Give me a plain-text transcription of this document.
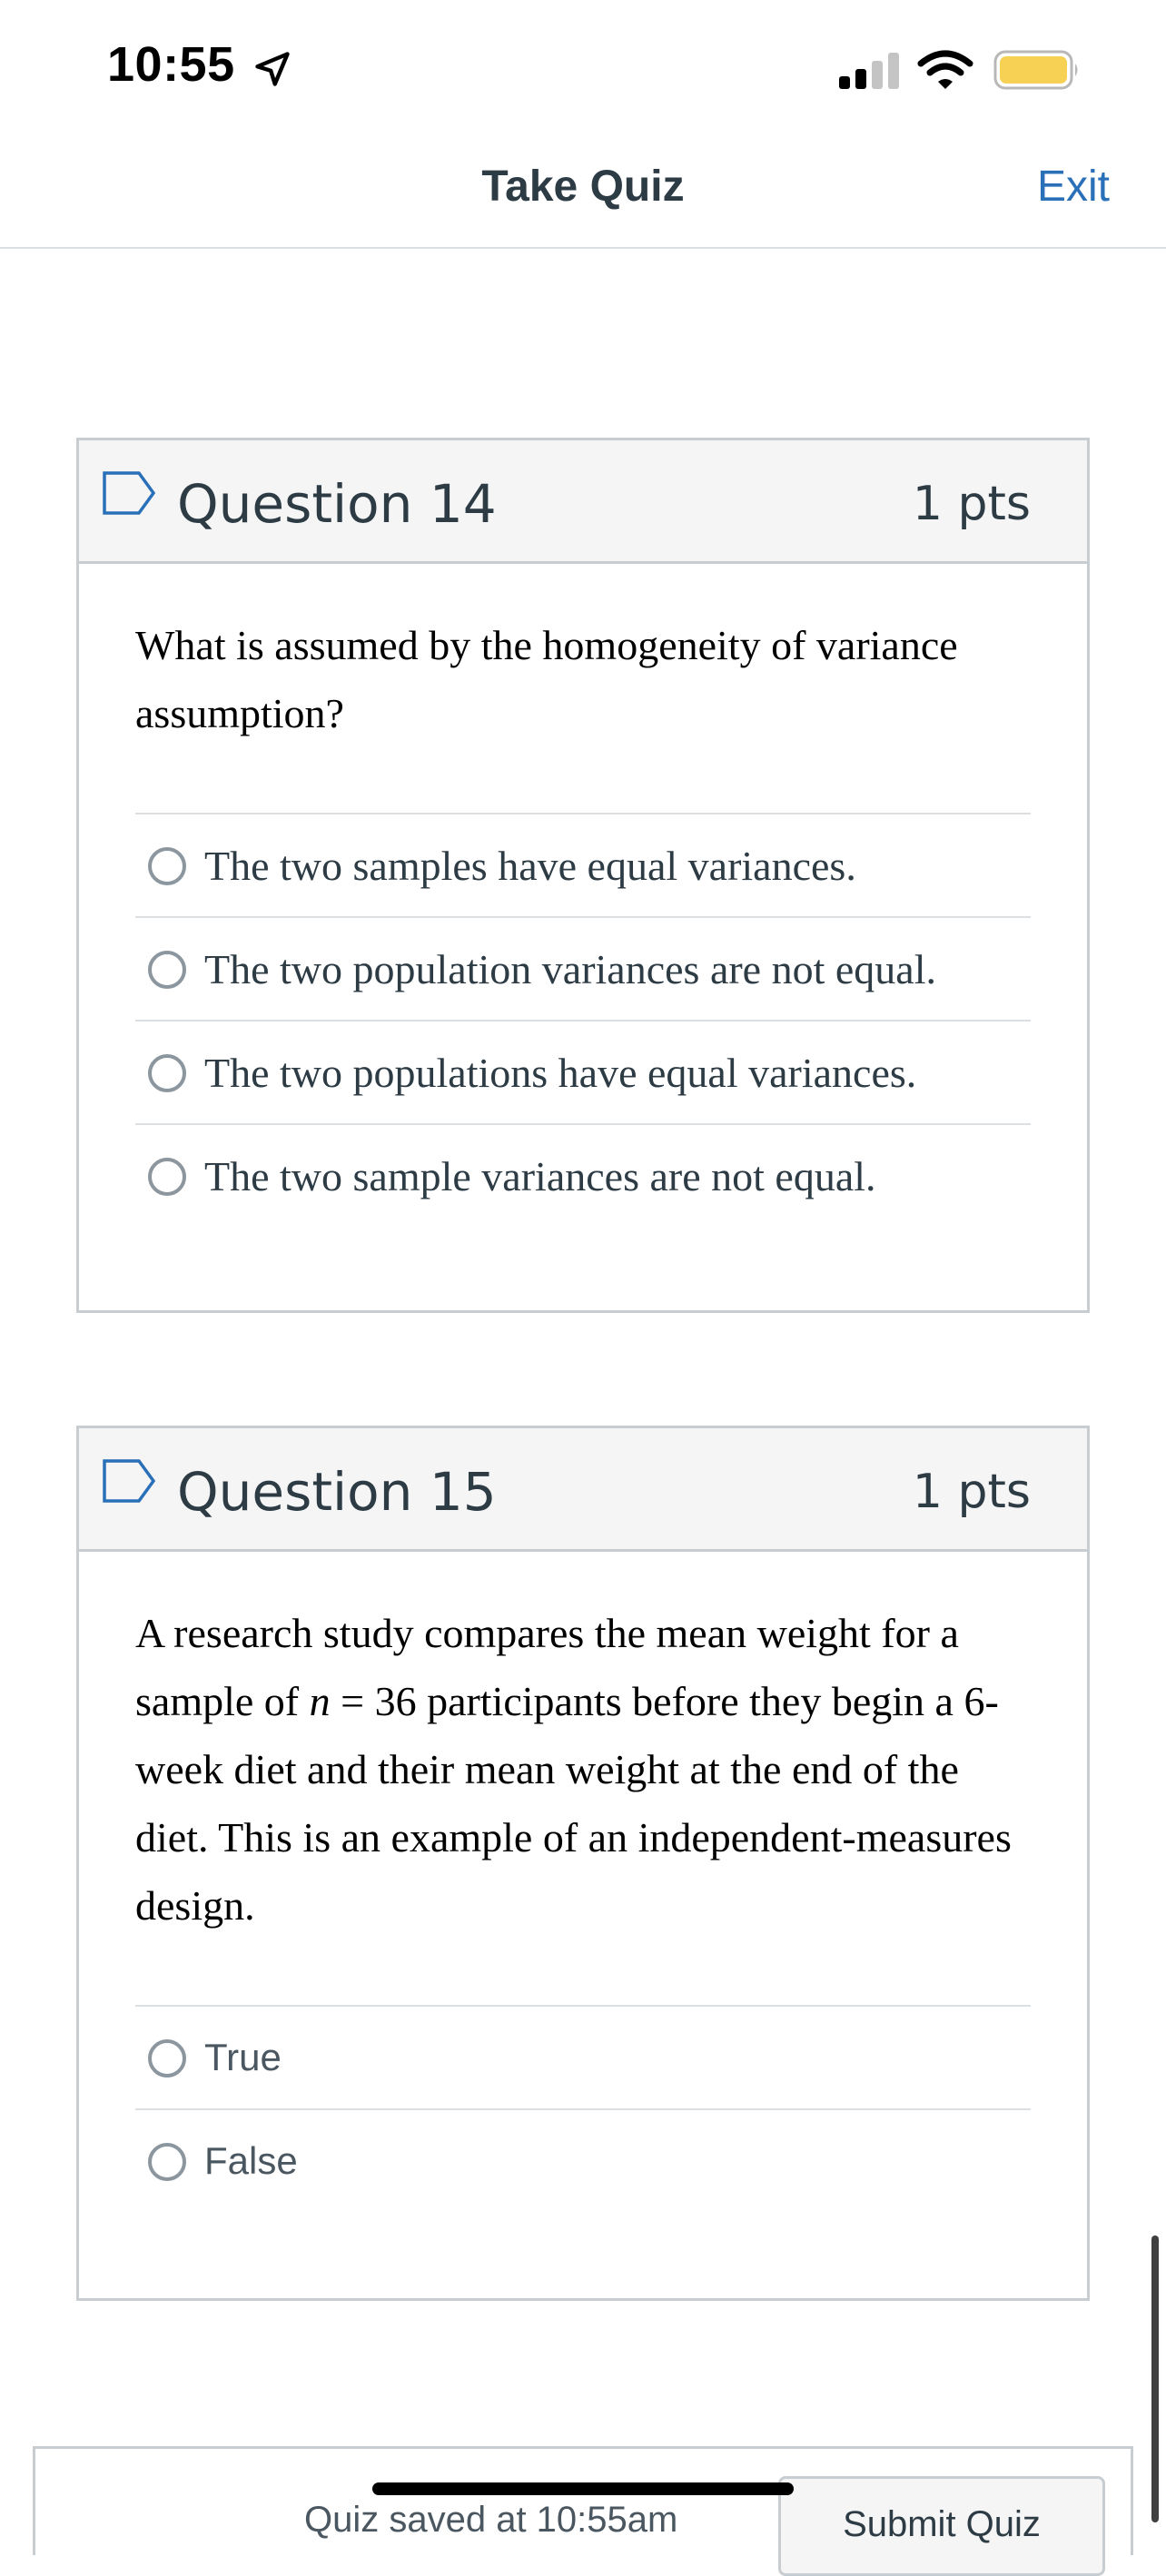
10:55
Take Quiz	Exit
Question 14	1 pts
What is assumed by the homogeneity of variance assumption?
The two samples have equal variances.
The two population variances are not equal.
The two populations have equal variances.
The two sample variances are not equal.
Question 15	1 pts
A research study compares the mean weight for a sample of n = 36 participants before they begin a 6-week diet and their mean weight at the end of the diet. This is an example of an independent-measures design.
True
False
Quiz saved at 10:55am	Submit Quiz
